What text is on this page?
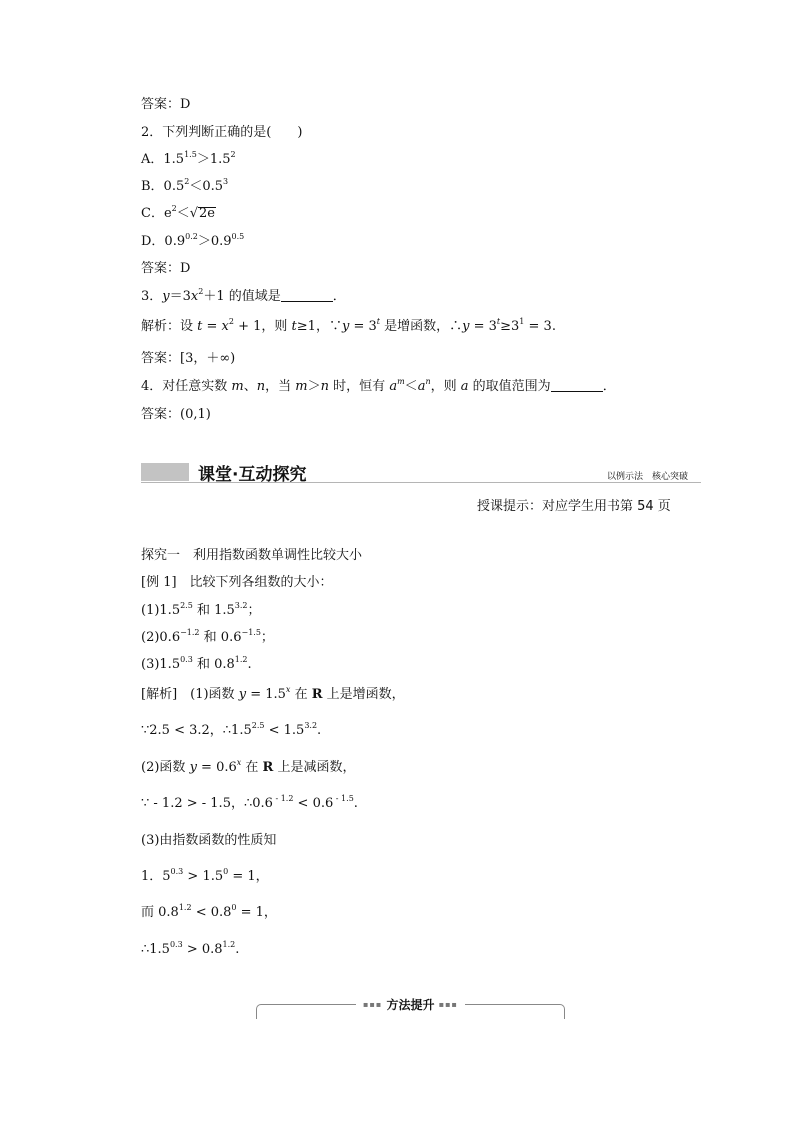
答案：D
2．下列判断正确的是(　　)
A．$1.5^{1.5}>1.5^2$
B．$0.5^2<0.5^3$
C．$e^2<√2e$
D．$0.9^{0.2}>0.9^{0.5}$
答案：D
3．$y=3x^2+1$ 的值域是	．
解析：设 $t = x^2 + 1$，则 t≥1，∵y = $3^t$ 是增函数，∴y = $3^t\ge 3^1 = 3$.
答案：[3，＋∞)
4．对任意实数 m、n，当 m＞n 时，恒有 $a^m<a^n$，则 a 的取值范围为	．
答案：(0,1)
课堂·互动探究	以例示法　核心突破
授课提示：对应学生用书第 54 页
探究一　利用指数函数单调性比较大小
[例 1]　比较下列各组数的大小：
$(1)1.5^{2.5}$ 和 $1.5^{3.2}$；
$(2)0.6^{-1.2}$ 和 $0.6^{-1.5}$；
$(3)1.5^{0.3}$ 和 $0.8^{1.2}$.
[解析]　(1)函数 $y = 1.5^x$ 在 R 上是增函数，
∵2.5 < 3.2，$\therefore 1.5^{2.5} < 1.5^{3.2}$.
(2)函数 $y = 0.6^x$ 在 R 上是减函数，
∵ - 1.2 > - 1.5，∴0.6 $^{- 1.2}$ < 0.6 $^{- 1.5}$.
(3)由指数函数的性质知
1．$5^{0.3} > 1.5^0 = 1$，
而 $0.8^{1.2} < 0.8^0 = 1$，
$\therefore 1.5^{0.3} > 0.8^{1.2}$.
▪▪▪ 方法提升 ▪▪▪
